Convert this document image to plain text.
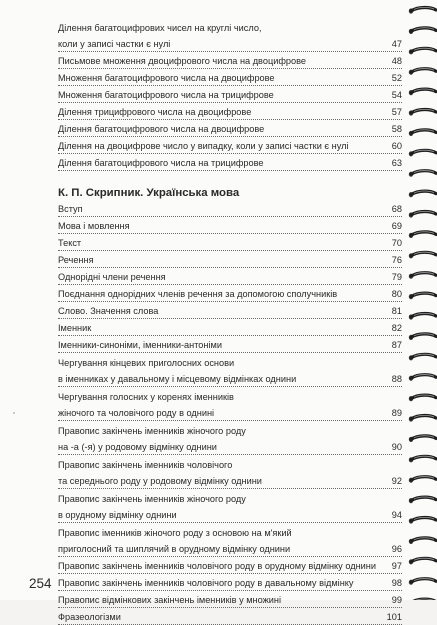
Ділення багатоцифрових чисел на круглі число,
коли у записі частки є нулі	47
Письмове множення двоцифрового числа на двоцифрове	48
Множення багатоцифрового числа на двоцифрове	52
Множення багатоцифрового числа на трицифрове	54
Ділення трицифрового числа на двоцифрове	57
Ділення багатоцифрового числа на двоцифрове	58
Ділення на двоцифрове число у випадку, коли у записі частки є нулі	60
Ділення багатоцифрового числа на трицифрове	63
К. П. Скрипник. Українська мова
Вступ	68
Мова і мовлення	69
Текст	70
Речення	76
Однорідні члени речення	79
Поєднання однорідних членів речення за допомогою сполучників	80
Слово. Значення слова	81
Іменник	82
Іменники-синоніми, іменники-антоніми	87
Чергування кінцевих приголосних основи
в іменниках у давальному і місцевому відмінках однини	88
Чергування голосних у коренях іменників
жіночого та чоловічого роду в однині	89
Правопис закінчень іменників жіночого роду
на -а (-я) у родовому відмінку однини	90
Правопис закінчень іменників чоловічого
та середнього роду у родовому відмінку однини	92
Правопис закінчень іменників жіночого роду
в орудному відмінку однини	94
Правопис іменників жіночого роду з основою на м'який
приголосний та шиплячий в орудному відмінку однини	96
Правопис закінчень іменників чоловічого роду в орудному відмінку однини	97
Правопис закінчень іменників чоловічого роду в давальному відмінку	98
Правопис відмінкових закінчень іменників у множині	99
Фразеологізми	101
254
